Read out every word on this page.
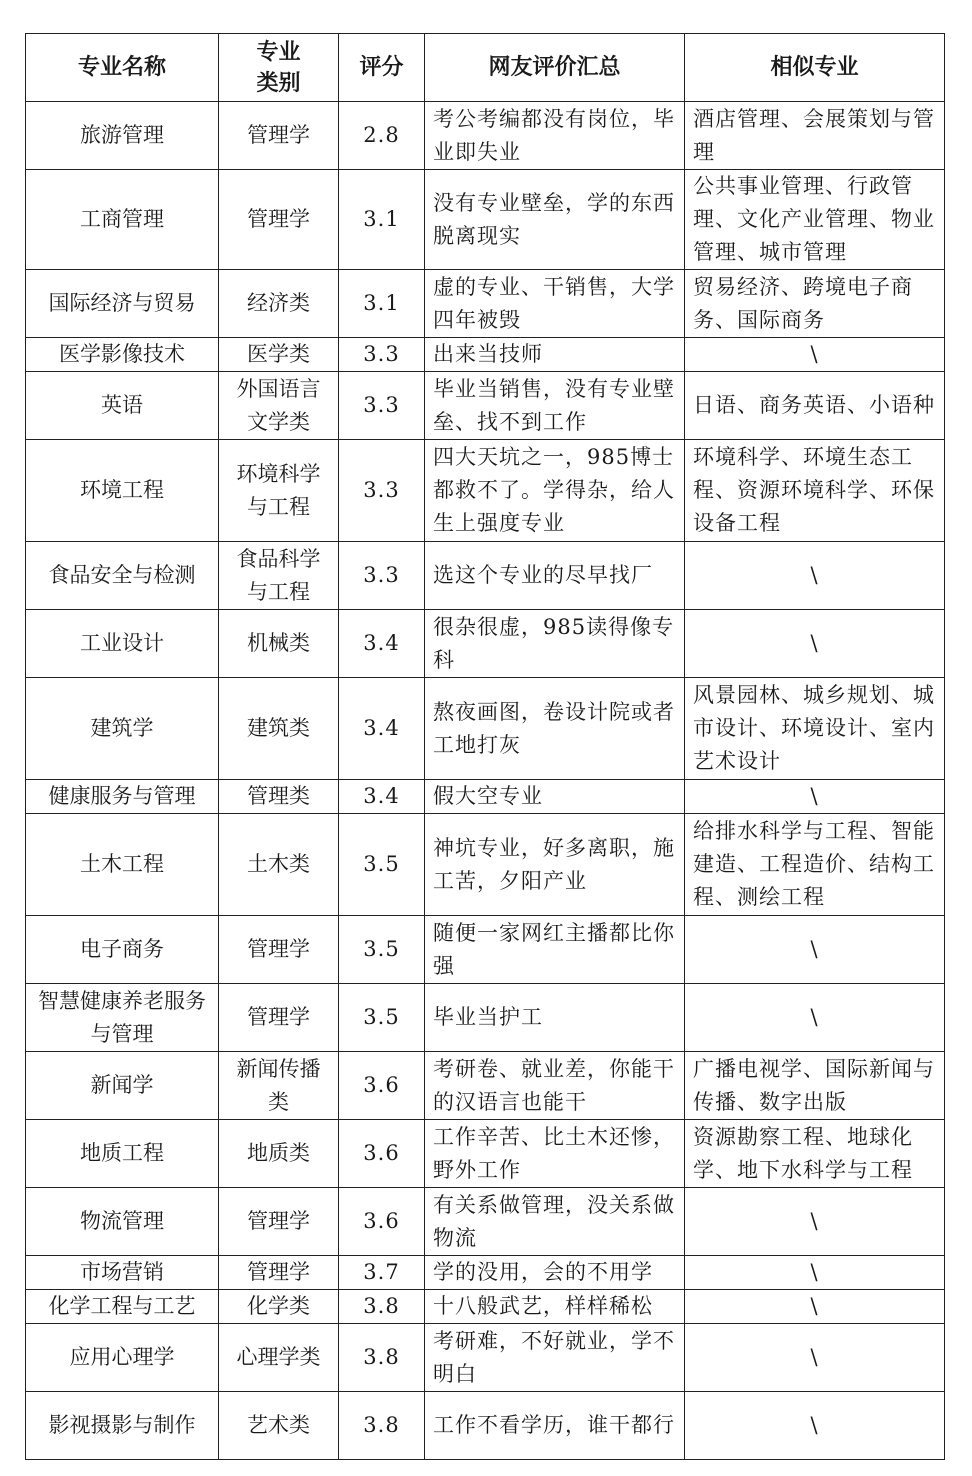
专业名称	专业类别	评分	网友评价汇总	相似专业
旅游管理	管理学	2.8	考公考编都没有岗位，毕业即失业	酒店管理、会展策划与管理
工商管理	管理学	3.1	没有专业壁垒，学的东西脱离现实	公共事业管理、行政管理、文化产业管理、物业管理、城市管理
国际经济与贸易	经济类	3.1	虚的专业、干销售，大学四年被毁	贸易经济、跨境电子商务、国际商务
医学影像技术	医学类	3.3	出来当技师	\
英语	外国语言文学类	3.3	毕业当销售，没有专业壁垒、找不到工作	日语、商务英语、小语种
环境工程	环境科学与工程	3.3	四大天坑之一，985博士都救不了。学得杂，给人生上强度专业	环境科学、环境生态工程、资源环境科学、环保设备工程
食品安全与检测	食品科学与工程	3.3	选这个专业的尽早找厂	\
工业设计	机械类	3.4	很杂很虚，985读得像专科	\
建筑学	建筑类	3.4	熬夜画图，卷设计院或者工地打灰	风景园林、城乡规划、城市设计、环境设计、室内艺术设计
健康服务与管理	管理类	3.4	假大空专业	\
土木工程	土木类	3.5	神坑专业，好多离职，施工苦，夕阳产业	给排水科学与工程、智能建造、工程造价、结构工程、测绘工程
电子商务	管理学	3.5	随便一家网红主播都比你强	\
智慧健康养老服务与管理	管理学	3.5	毕业当护工	\
新闻学	新闻传播类	3.6	考研卷、就业差，你能干的汉语言也能干	广播电视学、国际新闻与传播、数字出版
地质工程	地质类	3.6	工作辛苦、比土木还惨，野外工作	资源勘察工程、地球化学、地下水科学与工程
物流管理	管理学	3.6	有关系做管理，没关系做物流	\
市场营销	管理学	3.7	学的没用，会的不用学	\
化学工程与工艺	化学类	3.8	十八般武艺，样样稀松	\
应用心理学	心理学类	3.8	考研难，不好就业，学不明白	\
影视摄影与制作	艺术类	3.8	工作不看学历，谁干都行	\
